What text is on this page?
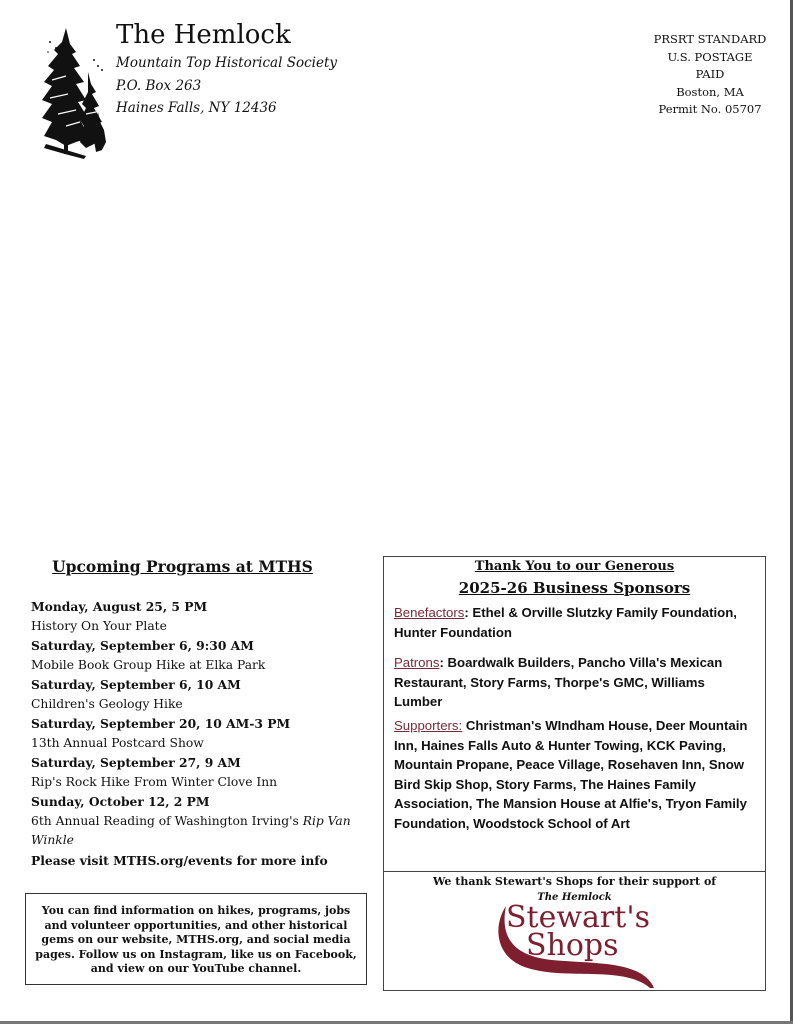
The Hemlock
Mountain Top Historical Society
P.O. Box 263
Haines Falls, NY 12436
PRSRT STANDARD
U.S. POSTAGE
PAID
Boston, MA
Permit No. 05707
Upcoming Programs at MTHS
Monday, August 25, 5 PM
History On Your Plate
Saturday, September 6, 9:30 AM
Mobile Book Group Hike at Elka Park
Saturday, September 6, 10 AM
Children's Geology Hike
Saturday, September 20, 10 AM-3 PM
13th Annual Postcard Show
Saturday, September 27, 9 AM
Rip's Rock Hike From Winter Clove Inn
Sunday, October 12, 2 PM
6th Annual Reading of Washington Irving's Rip Van Winkle
Please visit MTHS.org/events for more info
You can find information on hikes, programs, jobs and volunteer opportunities, and other historical gems on our website, MTHS.org, and social media pages. Follow us on Instagram, like us on Facebook, and view on our YouTube channel.
Thank You to our Generous
2025-26 Business Sponsors
Benefactors: Ethel & Orville Slutzky Family Foundation, Hunter Foundation
Patrons: Boardwalk Builders, Pancho Villa's Mexican Restaurant, Story Farms, Thorpe's GMC, Williams Lumber
Supporters: Christman's WIndham House, Deer Mountain Inn, Haines Falls Auto & Hunter Towing, KCK Paving, Mountain Propane, Peace Village, Rosehaven Inn, Snow Bird Skip Shop, Story Farms, The Haines Family Association, The Mansion House at Alfie's, Tryon Family Foundation, Woodstock School of Art
We thank Stewart's Shops for their support of
The Hemlock
Stewart's
Shops
